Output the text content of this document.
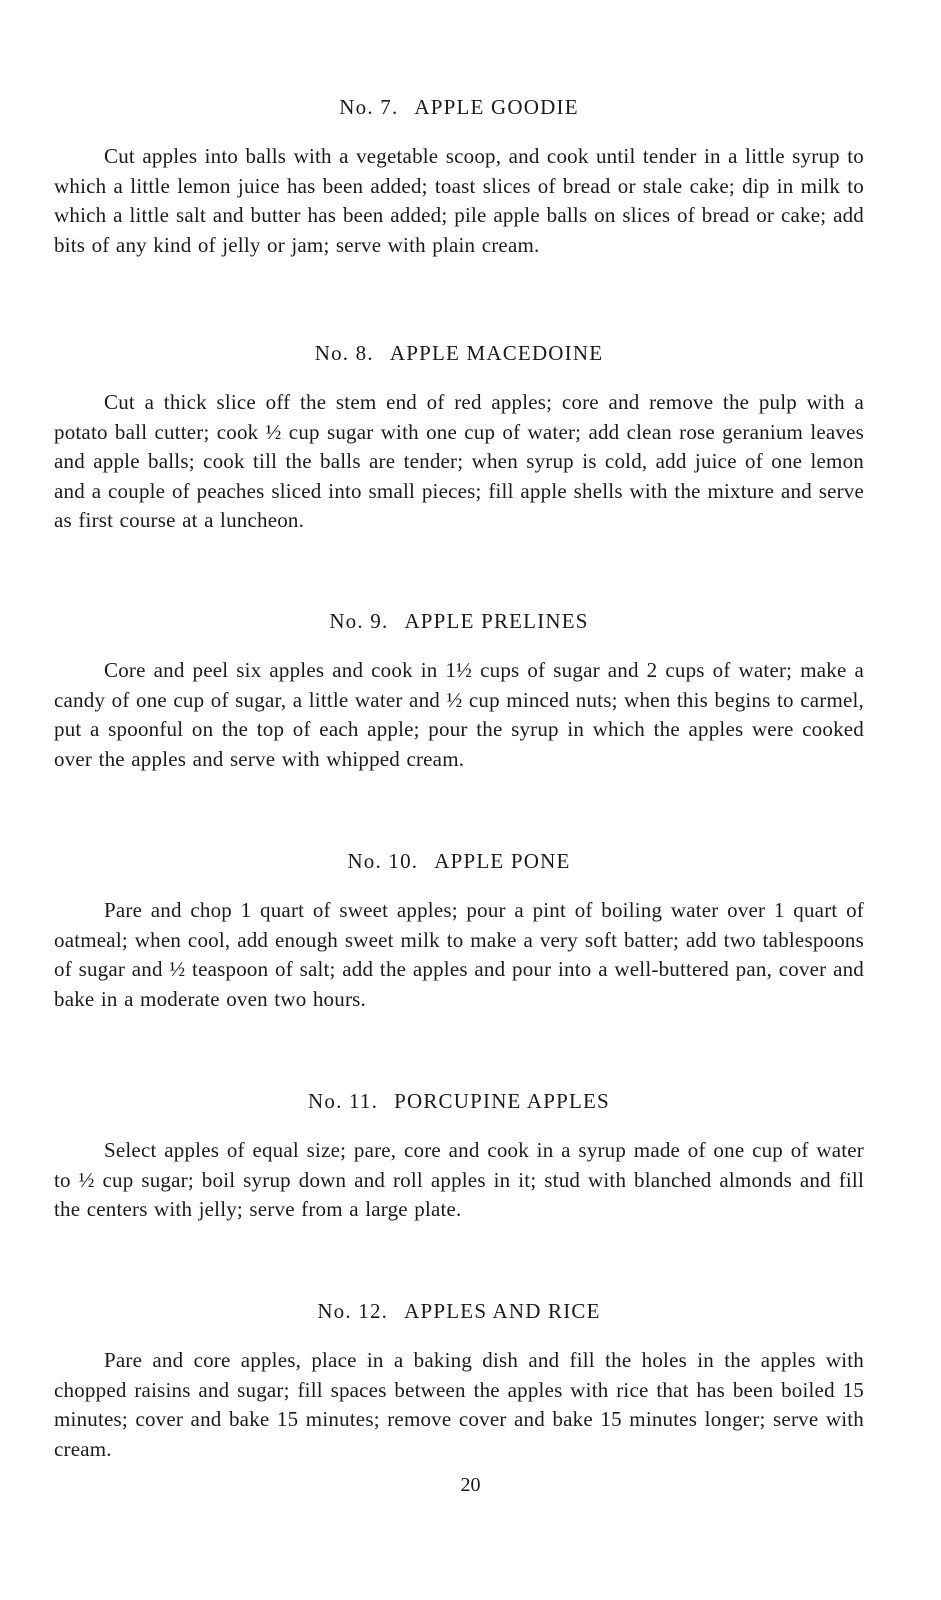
No. 7. APPLE GOODIE
Cut apples into balls with a vegetable scoop, and cook until tender in a little syrup to which a little lemon juice has been added; toast slices of bread or stale cake; dip in milk to which a little salt and butter has been added; pile apple balls on slices of bread or cake; add bits of any kind of jelly or jam; serve with plain cream.
No. 8. APPLE MACEDOINE
Cut a thick slice off the stem end of red apples; core and remove the pulp with a potato ball cutter; cook ½ cup sugar with one cup of water; add clean rose geranium leaves and apple balls; cook till the balls are tender; when syrup is cold, add juice of one lemon and a couple of peaches sliced into small pieces; fill apple shells with the mixture and serve as first course at a luncheon.
No. 9. APPLE PRELINES
Core and peel six apples and cook in 1½ cups of sugar and 2 cups of water; make a candy of one cup of sugar, a little water and ½ cup minced nuts; when this begins to carmel, put a spoonful on the top of each apple; pour the syrup in which the apples were cooked over the apples and serve with whipped cream.
No. 10. APPLE PONE
Pare and chop 1 quart of sweet apples; pour a pint of boiling water over 1 quart of oatmeal; when cool, add enough sweet milk to make a very soft batter; add two tablespoons of sugar and ½ teaspoon of salt; add the apples and pour into a well-buttered pan, cover and bake in a moderate oven two hours.
No. 11. PORCUPINE APPLES
Select apples of equal size; pare, core and cook in a syrup made of one cup of water to ½ cup sugar; boil syrup down and roll apples in it; stud with blanched almonds and fill the centers with jelly; serve from a large plate.
No. 12. APPLES AND RICE
Pare and core apples, place in a baking dish and fill the holes in the apples with chopped raisins and sugar; fill spaces between the apples with rice that has been boiled 15 minutes; cover and bake 15 minutes; remove cover and bake 15 minutes longer; serve with cream.
20
